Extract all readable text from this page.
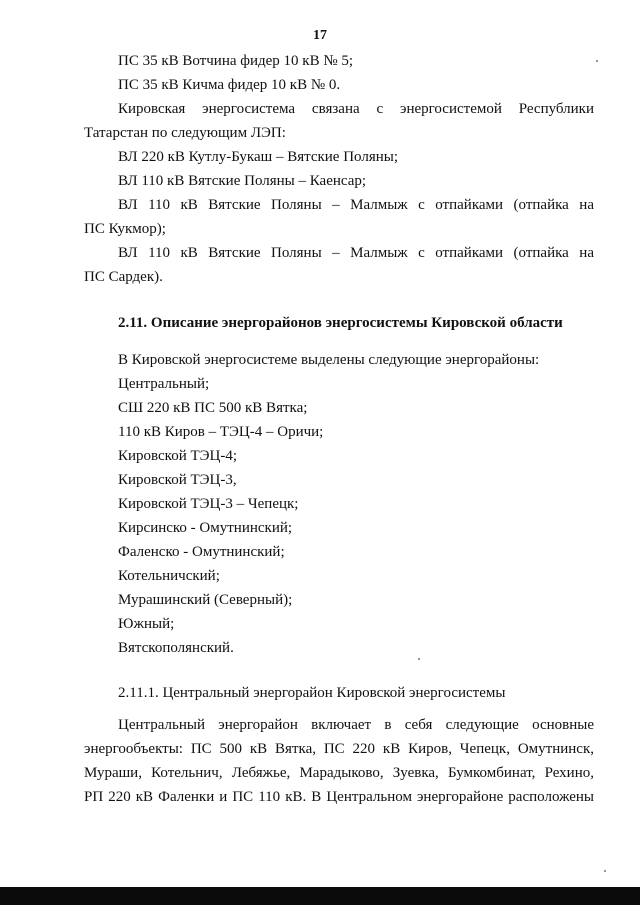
17
ПС 35 кВ Вотчина фидер 10 кВ № 5;
ПС 35 кВ Кичма фидер 10 кВ № 0.
Кировская энергосистема связана с энергосистемой Республики
Татарстан по следующим ЛЭП:
ВЛ 220 кВ Кутлу-Букаш – Вятские Поляны;
ВЛ 110 кВ Вятские Поляны – Каенсар;
ВЛ 110 кВ Вятские Поляны – Малмыж с отпайками (отпайка на
ПС Кукмор);
ВЛ 110 кВ Вятские Поляны – Малмыж с отпайками (отпайка на
ПС Сардек).
2.11. Описание энергорайонов энергосистемы Кировской области
В Кировской энергосистеме выделены следующие энергорайоны:
Центральный;
СШ 220 кВ ПС 500 кВ Вятка;
110 кВ Киров – ТЭЦ-4 – Оричи;
Кировской ТЭЦ-4;
Кировской ТЭЦ-3,
Кировской ТЭЦ-3 – Чепецк;
Кирсинско - Омутнинский;
Фаленско - Омутнинский;
Котельничский;
Мурашинский (Северный);
Южный;
Вятскополянский.
2.11.1. Центральный энергорайон Кировской энергосистемы
Центральный энергорайон включает в себя следующие основные
энергообъекты: ПС 500 кВ Вятка, ПС 220 кВ Киров, Чепецк, Омутнинск,
Мураши, Котельнич, Лебяжье, Марадыково, Зуевка, Бумкомбинат, Рехино,
РП 220 кВ Фаленки и ПС 110 кВ. В Центральном энергорайоне расположены
